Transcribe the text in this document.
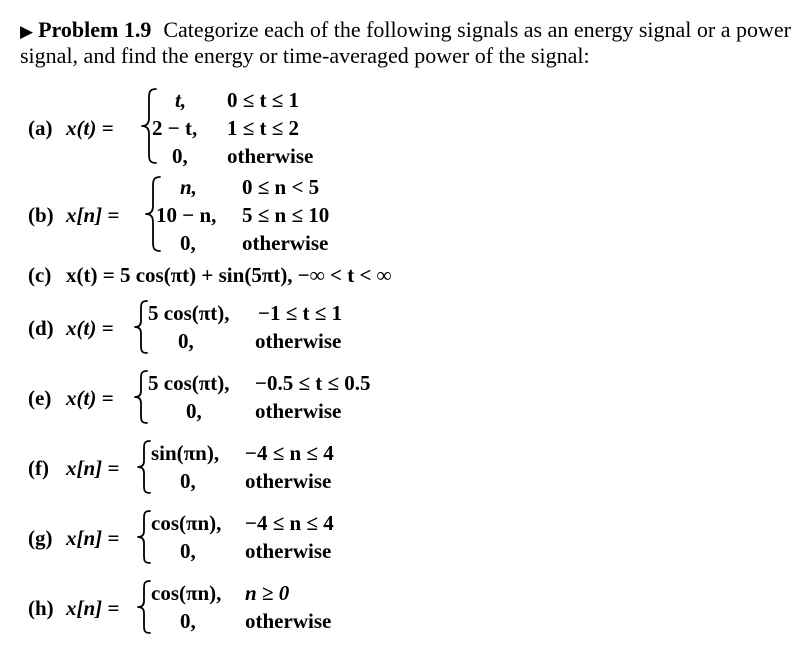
▶ Problem 1.9 Categorize each of the following signals as an energy signal or a power
signal, and find the energy or time-averaged power of the signal:
(a) x(t) =
t, 0 ≤ t ≤ 1
2 − t, 1 ≤ t ≤ 2
0, otherwise
(b) x[n] =
n, 0 ≤ n < 5
10 − n, 5 ≤ n ≤ 10
0, otherwise
(c) x(t) = 5 cos(πt) + sin(5πt), −∞ < t < ∞
(d) x(t) =
5 cos(πt), −1 ≤ t ≤ 1
0,	otherwise
(e) x(t) =
5 cos(πt), −0.5 ≤ t ≤ 0.5
0,	otherwise
(f) x[n] =
sin(πn), −4 ≤ n ≤ 4
0, otherwise
(g) x[n] =
cos(πn), −4 ≤ n ≤ 4
0, otherwise
(h) x[n] =
cos(πn), n ≥ 0
0, otherwise
